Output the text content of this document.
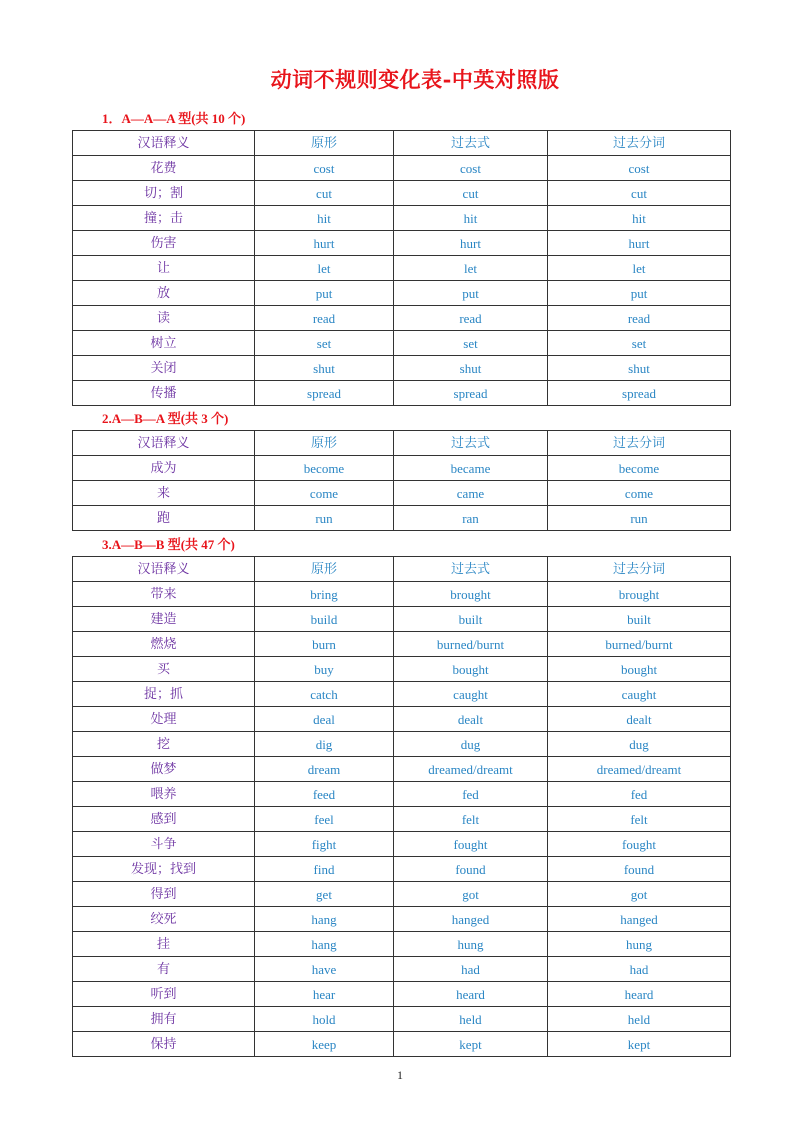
动词不规则变化表-中英对照版
1．A—A—A 型(共 10 个)
汉语释义	原形	过去式	过去分词
花费	cost	cost	cost
切；割	cut	cut	cut
撞；击	hit	hit	hit
伤害	hurt	hurt	hurt
让	let	let	let
放	put	put	put
读	read	read	read
树立	set	set	set
关闭	shut	shut	shut
传播	spread	spread	spread
2.A—B—A 型(共 3 个)
汉语释义	原形	过去式	过去分词
成为	become	became	become
来	come	came	come
跑	run	ran	run
3.A—B—B 型(共 47 个)
汉语释义	原形	过去式	过去分词
带来	bring	brought	brought
建造	build	built	built
燃烧	burn	burned/burnt	burned/burnt
买	buy	bought	bought
捉；抓	catch	caught	caught
处理	deal	dealt	dealt
挖	dig	dug	dug
做梦	dream	dreamed/dreamt	dreamed/dreamt
喂养	feed	fed	fed
感到	feel	felt	felt
斗争	fight	fought	fought
发现；找到	find	found	found
得到	get	got	got
绞死	hang	hanged	hanged
挂	hang	hung	hung
有	have	had	had
听到	hear	heard	heard
拥有	hold	held	held
保持	keep	kept	kept
1
